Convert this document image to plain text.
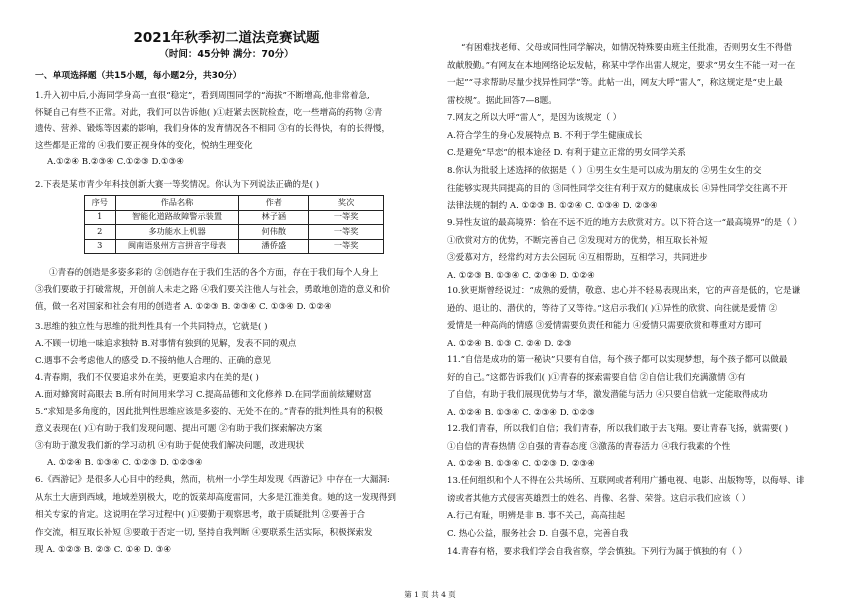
2021年秋季初二道法竞赛试题
（时间：45分钟 满分：70分）
一、单项选择题（共15小题，每小题2分，共30分）

1.升入初中后,小海同学身高一直很“稳定”，看到周围同学的“海拔”不断增高,他非常着急,

怀疑自己有些不正常。对此，我们可以告诉他( )①赶紧去医院检查，吃一些增高的药物 ②青

遗传、营养、锻炼等因素的影响，我们身体的发育情况各不相同 ③有的长得快，有的长得慢，

这些都是正常的 ④我们要正视身体的变化，悦纳生理变化

A.①②④ B.②③④ C.①②③ D.①③④

2.下表是某市青少年科技创新大赛一等奖情况。你认为下列说法正确的是( )

序号	作品名称	作者	奖次
1	智能化道路故障警示装置	林子涵	一等奖
2	多功能水上机器	何伟散	一等奖
3	闽南语泉州方言拼音字母表	潘侨盛	一等奖

①青春的创造是多姿多彩的 ②创造存在于我们生活的各个方面，存在于我们每个人身上

③我们要敢于打破常规，开创前人未走之路 ④我们要关注他人与社会，勇敢地创造的意义和价

值，做一名对国家和社会有用的创造者 A. ①②③ B. ②③④ C. ①③④ D. ①②④

3.思维的独立性与思维的批判性具有一个共同特点，它就是( )

A.不顾一切地一味追求独特 B.对事情有独到的见解，发表不同的观点

C.遇事不会考虑他人的感受 D.不接纳他人合理的、正确的意见

4.青春期，我们不仅要追求外在美，更要追求内在美的是( )

A.面对蜂窝时高眼去 B.所有时间用来学习 C.提高品德和文化修养 D.在同学面前炫耀财富

5.“求知是多角度的，因此批判性思维应该是多姿的、无处不在的。”青春的批判性具有的积极

意义表现在( )①有助于我们发现问题、提出可题 ②有助于我们探索解决方案

③有助于激发我们新的学习动机 ④有助于促使我们解决问题，改进现状

A. ①②④ B. ①③④ C. ①②③ D. ①②③④

6.《西游记》是很多人心目中的经典，然而，杭州一小学生却发现《西游记》中存在一大漏洞:

从东土大唐到西域，地域差别极大，吃的饭菜却高度雷同，大多是江淮美食。她的这一发现得到

相关专家的肯定。这说明在学习过程中( )①要勤于观察思考，敢于质疑批判 ②要善于合

作交流，相互取长补短 ③要敢于否定一切, 坚持自我判断 ④要联系生活实际，积极探索发

现 A. ①②③ B. ②③ C. ①④ D. ③④

“有困难找老师、父母或同性同学解决，如情况特殊要由班主任批准，否则男女生不得借

故献殷勤。”有网友在本地网络论坛发帖，称某中学作出雷人规定，要求“男女生不能一对一在

一起”“寻求帮助尽量少找异性同学”等。此帖一出，网友大呼“雷人”，称这规定是“史上最

雷校规”。据此回答7—8题。

7.网友之所以大呼“雷人”，是因为该规定（ ）

A.符合学生的身心发展特点 B. 不利于学生健康成长

C.是避免“早恋”的根本途径 D. 有利于建立正常的男女同学关系

8.你认为批驳上述选择的依据是（ ）①男生女生是可以成为朋友的 ②男生女生的交

往能够实现共同提高的目的 ③同性同学交往有利于双方的健康成长 ④异性同学交往离不开

法律法规的制约 A. ①②③ B. ①②④ C. ①③④ D. ②③④

9.异性友谊的最高境界：恰在不远不近的地方去欣赏对方。以下符合这一“最高境界”的是（ ）

①欣赏对方的优势，不断完善自己 ②发现对方的优势，相互取长补短

③爱慕对方，经常约对方去公园玩 ④互相帮助，互相学习，共同进步

A. ①②③ B. ①③④ C. ②③④ D. ①②④

10.狄更斯曾经说过：“成熟的爱情，敬意、忠心并不轻易表现出来，它的声音是低的，它是谦

逊的、退让的、潜伏的，等待了又等待。”这启示我们( )①异性的欣赏、向往就是爱情 ②

爱情是一种高尚的情感 ③爱情需要负责任和能力 ④爱情只需要欣赏和尊重对方即可

A. ①②④ B. ①③ C. ②④ D. ②③

11.“自信是成功的第一秘诀”只要有自信，每个孩子都可以实现梦想，每个孩子都可以做最

好的自己。”这都告诉我们( )①青春的探索需要自信 ②自信让我们充满激情 ③有

了自信，有助于我们展现优势与才华，激发潜能与活力 ④只要自信就一定能取得成功

A. ①②④ B. ①③④ C. ②③④ D. ①②③

12.我们青春，所以我们自信；我们青春，所以我们敢于去飞翔。要让青春飞扬，就需要( )

①自信的青春热情 ②自强的青春态度 ③激荡的青春活力 ④我行我素的个性

A. ①②④ B. ①③④ C. ①②③ D. ②③④

13.任何组织和个人不得在公共场所、互联网或者利用广播电视、电影、出版物等，以侮辱、诽

谤或者其他方式侵害英雄烈士的姓名、肖像、名誉、荣誉。这启示我们应该（ ）

A.行己有耻，明辨是非 B. 事不关己，高高挂起

C. 热心公益，服务社会 D. 自强不息，完善自我

14.青春有格，要求我们学会自我省察，学会慎独。下列行为属于慎独的有（ ）

第 1 页 共 4 页
